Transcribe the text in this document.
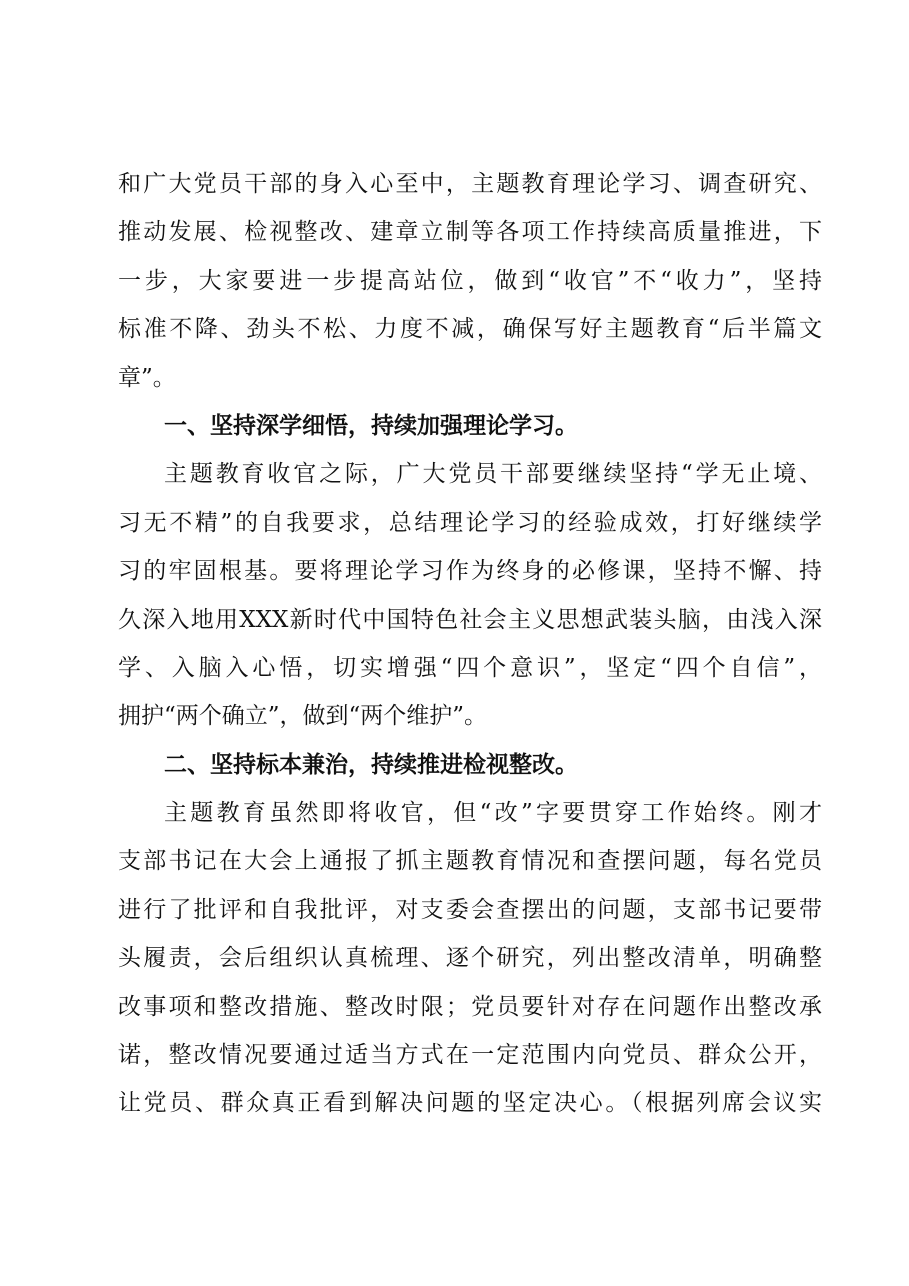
和广大党员干部的身入心至中，主题教育理论学习、调查研究、
推动发展、检视整改、建章立制等各项工作持续高质量推进，下
一步，大家要进一步提高站位，做到“收官”不“收力”，坚持
标准不降、劲头不松、力度不减，确保写好主题教育“后半篇文
章”。
一、坚持深学细悟，持续加强理论学习。
主题教育收官之际，广大党员干部要继续坚持“学无止境、
习无不精”的自我要求，总结理论学习的经验成效，打好继续学
习的牢固根基。要将理论学习作为终身的必修课，坚持不懈、持
久深入地用XXX新时代中国特色社会主义思想武装头脑，由浅入深
学、入脑入心悟，切实增强“四个意识”，坚定“四个自信”，
拥护“两个确立”，做到“两个维护”。
二、坚持标本兼治，持续推进检视整改。
主题教育虽然即将收官，但“改”字要贯穿工作始终。刚才
支部书记在大会上通报了抓主题教育情况和查摆问题，每名党员
进行了批评和自我批评，对支委会查摆出的问题，支部书记要带
头履责，会后组织认真梳理、逐个研究，列出整改清单，明确整
改事项和整改措施、整改时限；党员要针对存在问题作出整改承
诺，整改情况要通过适当方式在一定范围内向党员、群众公开，
让党员、群众真正看到解决问题的坚定决心。（根据列席会议实
